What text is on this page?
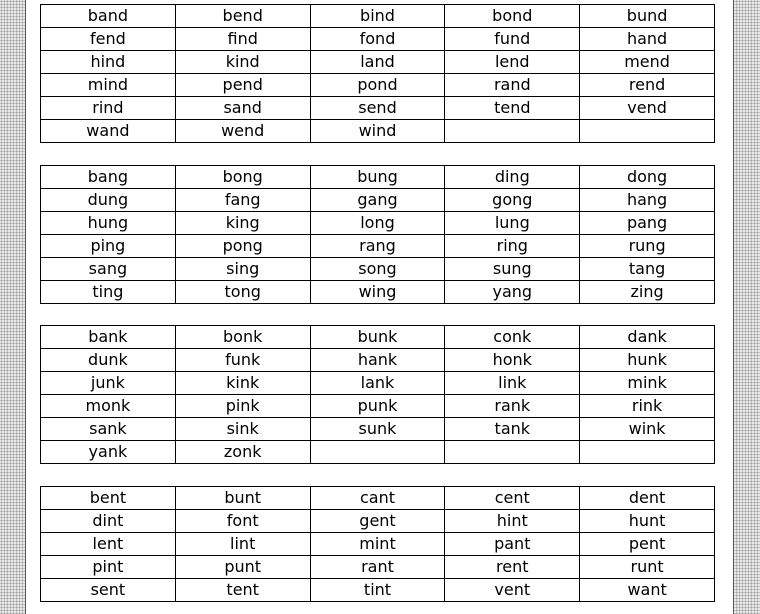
band	bend	bind	bond	bund
fend	find	fond	fund	hand
hind	kind	land	lend	mend
mind	pend	pond	rand	rend
rind	sand	send	tend	vend
wand	wend	wind		
bang	bong	bung	ding	dong
dung	fang	gang	gong	hang
hung	king	long	lung	pang
ping	pong	rang	ring	rung
sang	sing	song	sung	tang
ting	tong	wing	yang	zing
bank	bonk	bunk	conk	dank
dunk	funk	hank	honk	hunk
junk	kink	lank	link	mink
monk	pink	punk	rank	rink
sank	sink	sunk	tank	wink
yank	zonk			
bent	bunt	cant	cent	dent
dint	font	gent	hint	hunt
lent	lint	mint	pant	pent
pint	punt	rant	rent	runt
sent	tent	tint	vent	want
